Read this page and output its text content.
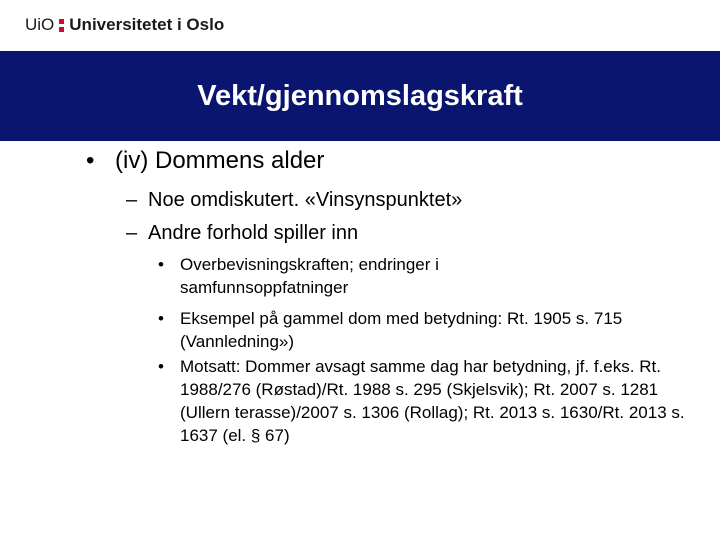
UiO Universitetet i Oslo
Vekt/gjennomslagskraft
• (iv) Dommens alder
– Noe omdiskutert. «Vinsynspunktet»
– Andre forhold spiller inn
• Overbevisningskraften; endringer i samfunnsoppfatninger
• Eksempel på gammel dom med betydning: Rt. 1905 s. 715 (Vannledning»)
• Motsatt: Dommer avsagt samme dag har betydning, jf. f.eks. Rt. 1988/276 (Røstad)/Rt. 1988 s. 295 (Skjelsvik); Rt. 2007 s. 1281 (Ullern terasse)/2007 s. 1306 (Rollag); Rt. 2013 s. 1630/Rt. 2013 s. 1637 (el. § 67)
